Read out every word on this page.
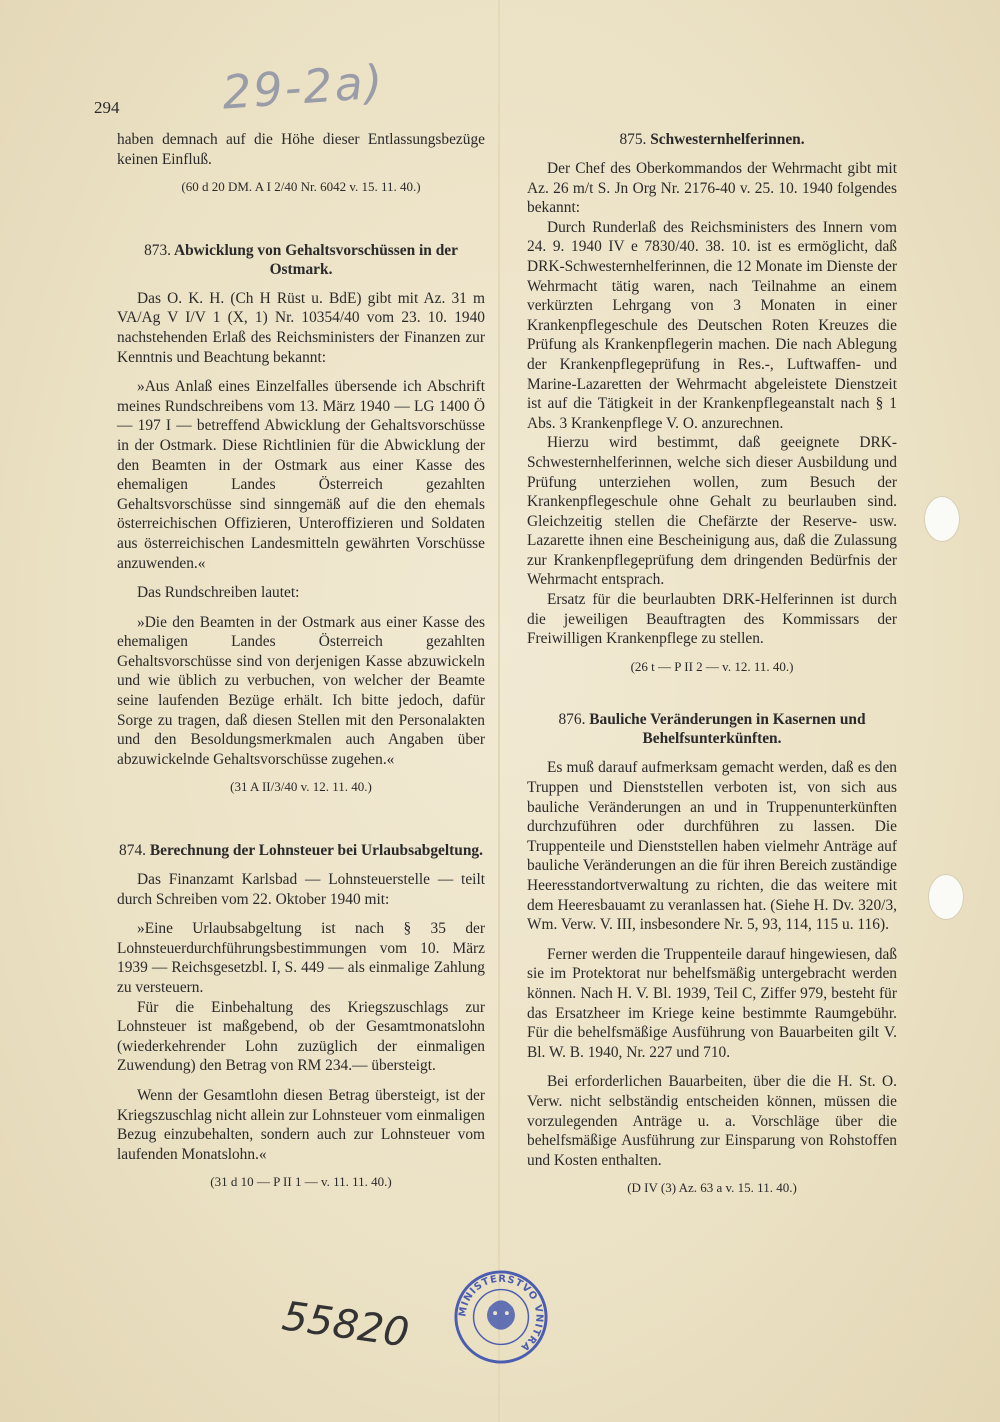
29-2a)
294

haben demnach auf die Höhe dieser Entlassungsbezüge keinen Einfluß.

(60 d 20 DM. A I 2/40 Nr. 6042 v. 15. 11. 40.)
873. Abwicklung von Gehaltsvorschüssen in der Ostmark.

Das O. K. H. (Ch H Rüst u. BdE) gibt mit Az. 31 m VA/Ag V I/V 1 (X, 1) Nr. 10354/40 vom 23. 10. 1940 nachstehenden Erlaß des Reichsministers der Finanzen zur Kenntnis und Beachtung bekannt:

»Aus Anlaß eines Einzelfalles übersende ich Abschrift meines Rundschreibens vom 13. März 1940 — LG 1400 Ö — 197 I — betreffend Abwicklung der Gehaltsvorschüsse in der Ostmark. Diese Richtlinien für die Abwicklung der den Beamten in der Ostmark aus einer Kasse des ehemaligen Landes Österreich gezahlten Gehaltsvorschüsse sind sinngemäß auf die den ehemals österreichischen Offizieren, Unteroffizieren und Soldaten aus österreichischen Landesmitteln gewährten Vorschüsse anzuwenden.«

Das Rundschreiben lautet:

»Die den Beamten in der Ostmark aus einer Kasse des ehemaligen Landes Österreich gezahlten Gehaltsvorschüsse sind von derjenigen Kasse abzuwickeln und wie üblich zu verbuchen, von welcher der Beamte seine laufenden Bezüge erhält. Ich bitte jedoch, dafür Sorge zu tragen, daß diesen Stellen mit den Personalakten und den Besoldungsmerkmalen auch Angaben über abzuwickelnde Gehaltsvorschüsse zugehen.«

(31 A II/3/40 v. 12. 11. 40.)
874. Berechnung der Lohnsteuer bei Urlaubsabgeltung.

Das Finanzamt Karlsbad — Lohnsteuerstelle — teilt durch Schreiben vom 22. Oktober 1940 mit:

»Eine Urlaubsabgeltung ist nach § 35 der Lohnsteuerdurchführungsbestimmungen vom 10. März 1939 — Reichsgesetzbl. I, S. 449 — als einmalige Zahlung zu versteuern.

Für die Einbehaltung des Kriegszuschlags zur Lohnsteuer ist maßgebend, ob der Gesamtmonatslohn (wiederkehrender Lohn zuzüglich der einmaligen Zuwendung) den Betrag von RM 234.— übersteigt.

Wenn der Gesamtlohn diesen Betrag übersteigt, ist der Kriegszuschlag nicht allein zur Lohnsteuer vom einmaligen Bezug einzubehalten, sondern auch zur Lohnsteuer vom laufenden Monatslohn.«

(31 d 10 — P II 1 — v. 11. 11. 40.)
875. Schwesternhelferinnen.

Der Chef des Oberkommandos der Wehrmacht gibt mit Az. 26 m/t S. Jn Org Nr. 2176-40 v. 25. 10. 1940 folgendes bekannt:

Durch Runderlaß des Reichsministers des Innern vom 24. 9. 1940 IV e 7830/40. 38. 10. ist es ermöglicht, daß DRK-Schwesternhelferinnen, die 12 Monate im Dienste der Wehrmacht tätig waren, nach Teilnahme an einem verkürzten Lehrgang von 3 Monaten in einer Krankenpflegeschule des Deutschen Roten Kreuzes die Prüfung als Krankenpflegerin machen. Die nach Ablegung der Krankenpflegeprüfung in Res.-, Luftwaffen- und Marine-Lazaretten der Wehrmacht abgeleistete Dienstzeit ist auf die Tätigkeit in der Krankenpflegeanstalt nach § 1 Abs. 3 Krankenpflege V. O. anzurechnen.

Hierzu wird bestimmt, daß geeignete DRK-Schwesternhelferinnen, welche sich dieser Ausbildung und Prüfung unterziehen wollen, zum Besuch der Krankenpflegeschule ohne Gehalt zu beurlauben sind. Gleichzeitig stellen die Chefärzte der Reserve- usw. Lazarette ihnen eine Bescheinigung aus, daß die Zulassung zur Krankenpflegeprüfung dem dringenden Bedürfnis der Wehrmacht entsprach.

Ersatz für die beurlaubten DRK-Helferinnen ist durch die jeweiligen Beauftragten des Kommissars der Freiwilligen Krankenpflege zu stellen.

(26 t — P II 2 — v. 12. 11. 40.)
876. Bauliche Veränderungen in Kasernen und Behelfsunterkünften.

Es muß darauf aufmerksam gemacht werden, daß es den Truppen und Dienststellen verboten ist, von sich aus bauliche Veränderungen an und in Truppenunterkünften durchzuführen oder durchführen zu lassen. Die Truppenteile und Dienststellen haben vielmehr Anträge auf bauliche Veränderungen an die für ihren Bereich zuständige Heeresstandortverwaltung zu richten, die das weitere mit dem Heeresbauamt zu veranlassen hat. (Siehe H. Dv. 320/3, Wm. Verw. V. III, insbesondere Nr. 5, 93, 114, 115 u. 116).

Ferner werden die Truppenteile darauf hingewiesen, daß sie im Protektorat nur behelfsmäßig untergebracht werden können. Nach H. V. Bl. 1939, Teil C, Ziffer 979, besteht für das Ersatzheer im Kriege keine bestimmte Raumgebühr. Für die behelfsmäßige Ausführung von Bauarbeiten gilt V. Bl. W. B. 1940, Nr. 227 und 710.

Bei erforderlichen Bauarbeiten, über die die H. St. O. Verw. nicht selbständig entscheiden können, müssen die vorzulegenden Anträge u. a. Vorschläge über die behelfsmäßige Ausführung zur Einsparung von Rohstoffen und Kosten enthalten.

(D IV (3) Az. 63 a v. 15. 11. 40.)
55820	MINISTERSTVO VNITRA
